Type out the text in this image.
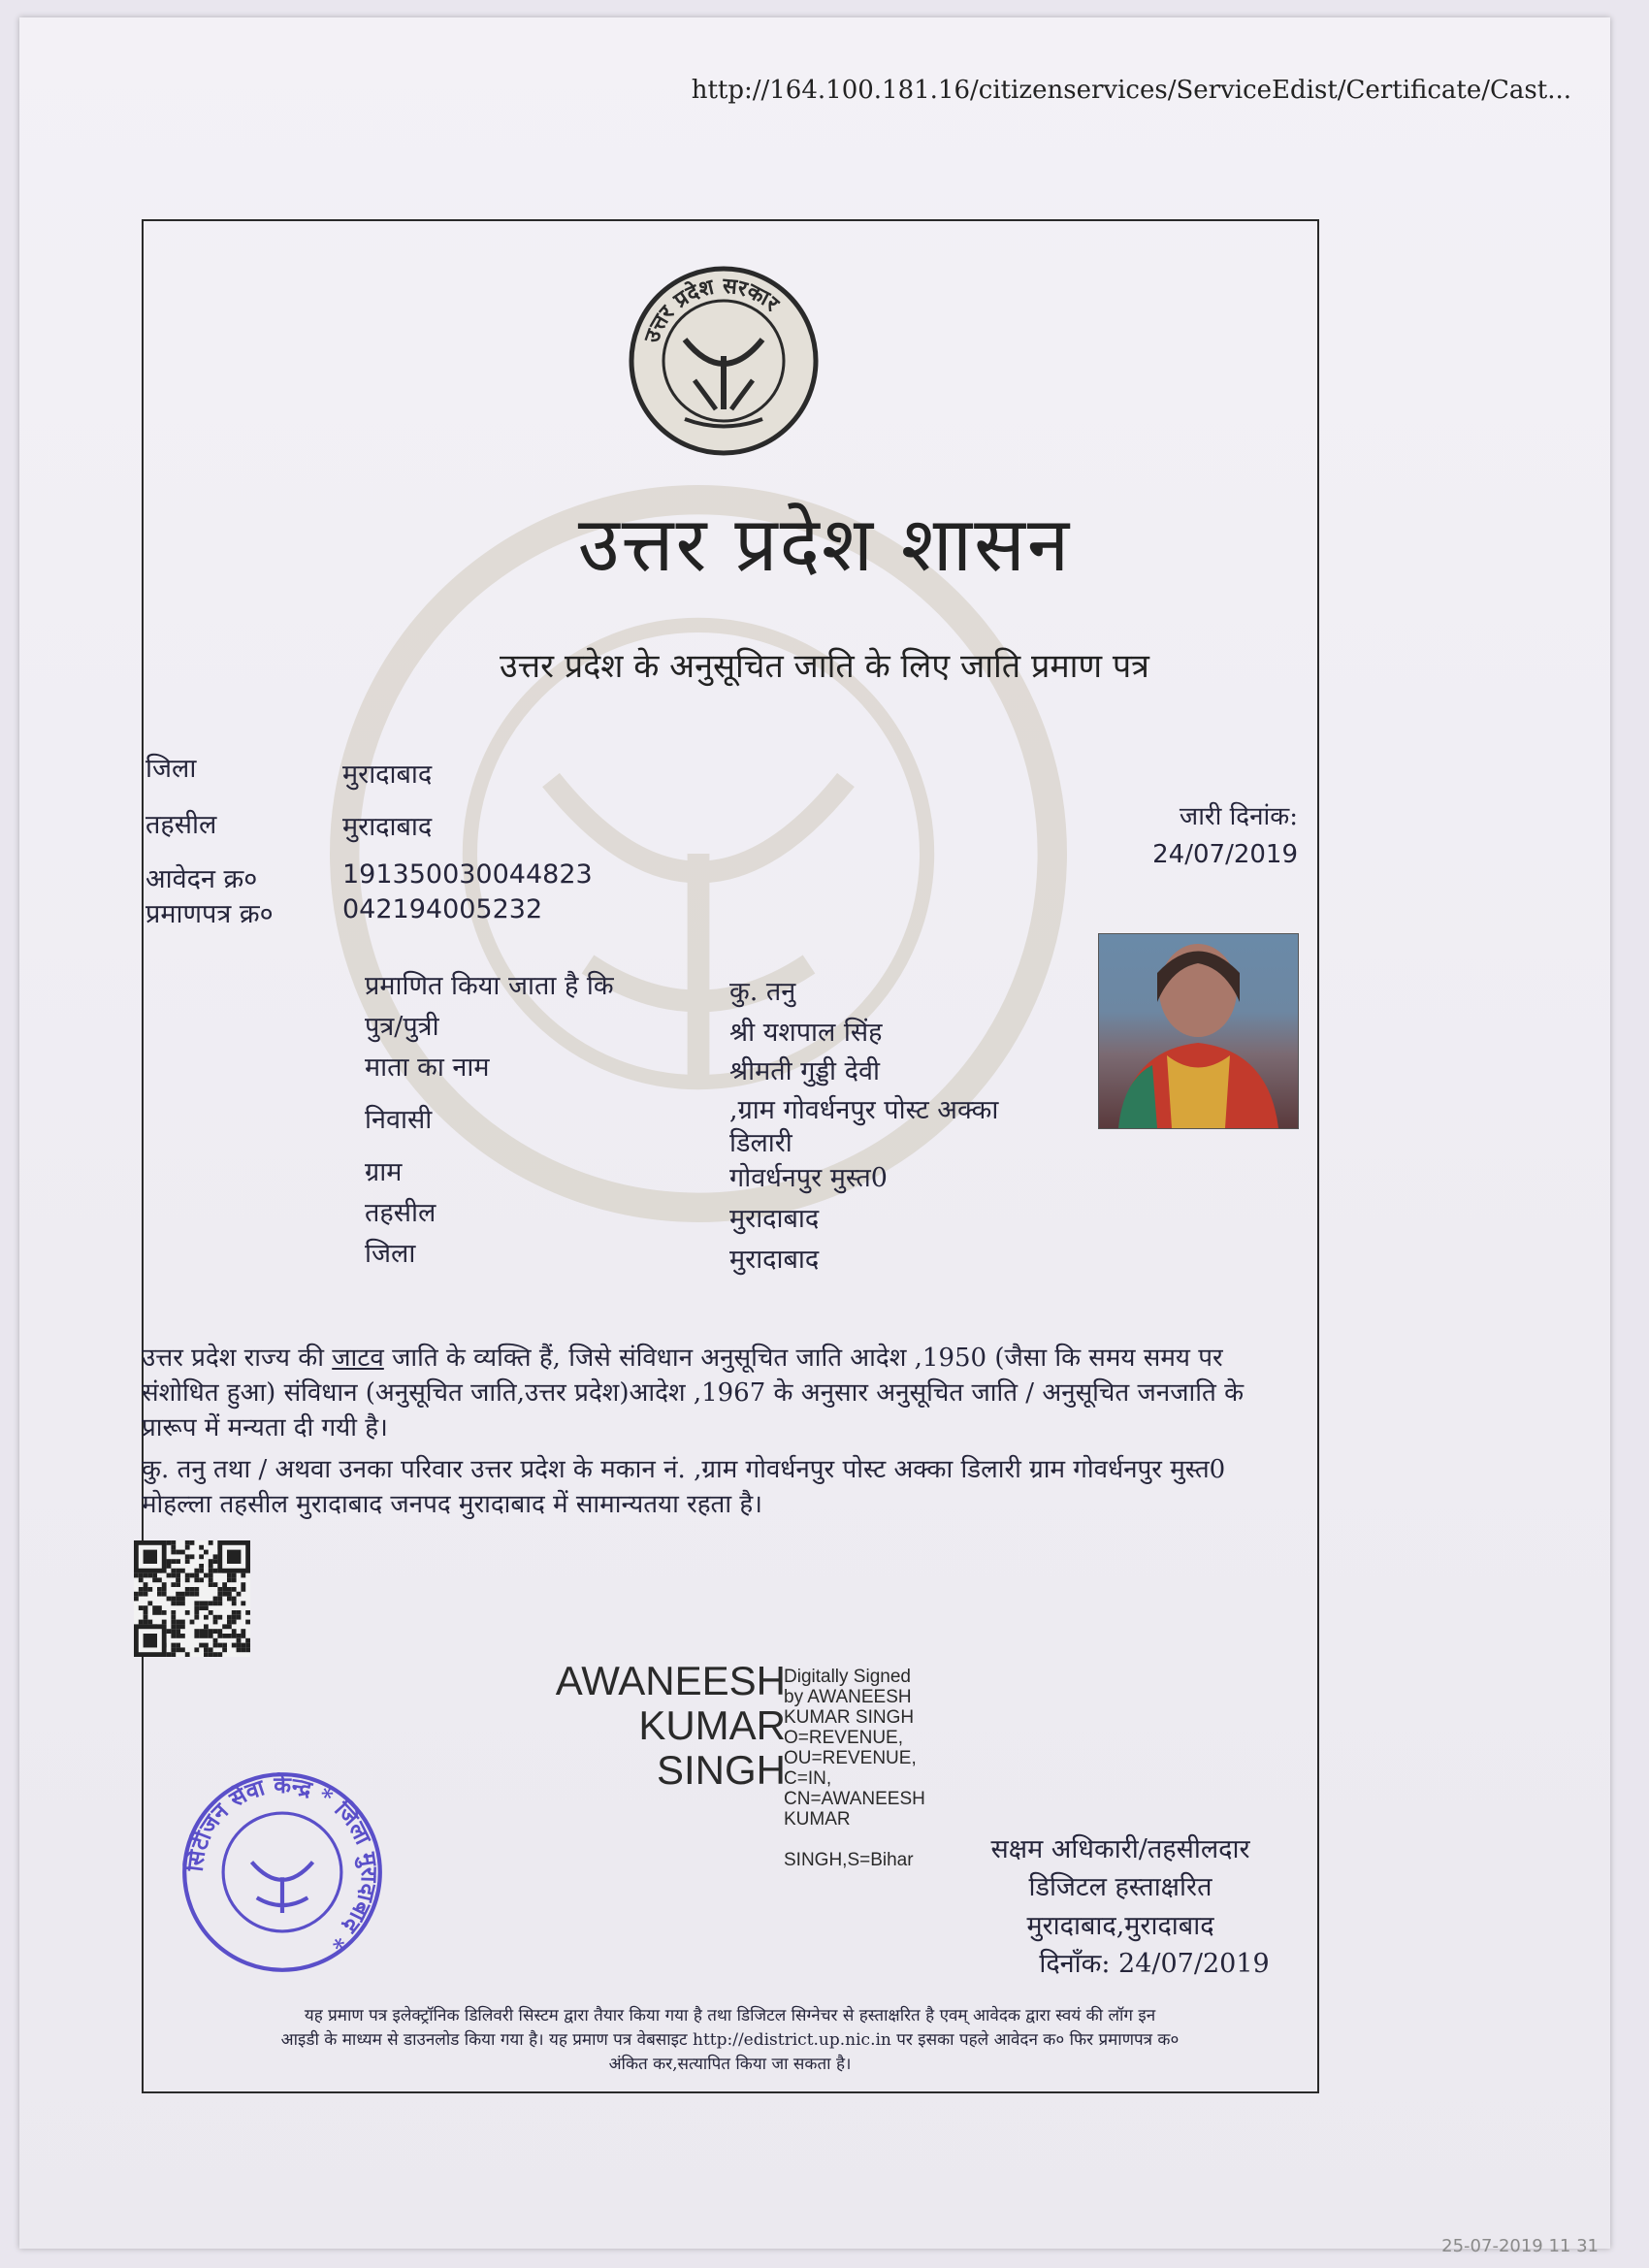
http://164.100.181.16/citizenservices/ServiceEdist/Certificate/Cast...
उत्तर प्रदेश सरकार
उत्तर प्रदेश शासन
उत्तर प्रदेश के अनुसूचित जाति के लिए जाति प्रमाण पत्र
जिला	मुरादाबाद
तहसील	मुरादाबाद
आवेदन क्र०	191350030044823
प्रमाणपत्र क्र०	042194005232
जारी दिनांक:
24/07/2019
प्रमाणित किया जाता है कि	कु. तनु
पुत्र/पुत्री	श्री यशपाल सिंह
माता का नाम	श्रीमती गुड्डी देवी
निवासी	,ग्राम गोवर्धनपुर पोस्ट अक्का
डिलारी
ग्राम	गोवर्धनपुर मुस्त0
तहसील	मुरादाबाद
जिला	मुरादाबाद
उत्तर प्रदेश राज्य की जाटव जाति के व्यक्ति हैं, जिसे संविधान अनुसूचित जाति आदेश ,1950 (जैसा कि समय समय पर संशोधित हुआ) संविधान (अनुसूचित जाति,उत्तर प्रदेश)आदेश ,1967 के अनुसार अनुसूचित जाति / अनुसूचित जनजाति के प्रारूप में मन्यता दी गयी है।
कु. तनु तथा / अथवा उनका परिवार उत्तर प्रदेश के मकान नं. ,ग्राम गोवर्धनपुर पोस्ट अक्का डिलारी ग्राम गोवर्धनपुर मुस्त0 मोहल्ला तहसील मुरादाबाद जनपद मुरादाबाद में सामान्यतया रहता है।
AWANEESH
KUMAR
SINGH
Digitally Signed
by AWANEESH
KUMAR SINGH
O=REVENUE,
OU=REVENUE,
C=IN,
CN=AWANEESH
KUMAR

SINGH,S=Bihar	सक्षम अधिकारी/तहसीलदार
डिजिटल हस्ताक्षरित
मुरादाबाद,मुरादाबाद
दिनाँक: 24/07/2019
सिटीजन सेवा केन्द्र * जिला मुरादाबाद *
यह प्रमाण पत्र इलेक्ट्रॉनिक डिलिवरी सिस्टम द्वारा तैयार किया गया है तथा डिजिटल सिग्नेचर से हस्ताक्षरित है एवम् आवेदक द्वारा स्वयं की लॉग इन
आइडी के माध्यम से डाउनलोड किया गया है। यह प्रमाण पत्र वेबसाइट http://edistrict.up.nic.in पर इसका पहले आवेदन क० फिर प्रमाणपत्र क०
अंकित कर,सत्यापित किया जा सकता है।
25-07-2019 11 31
